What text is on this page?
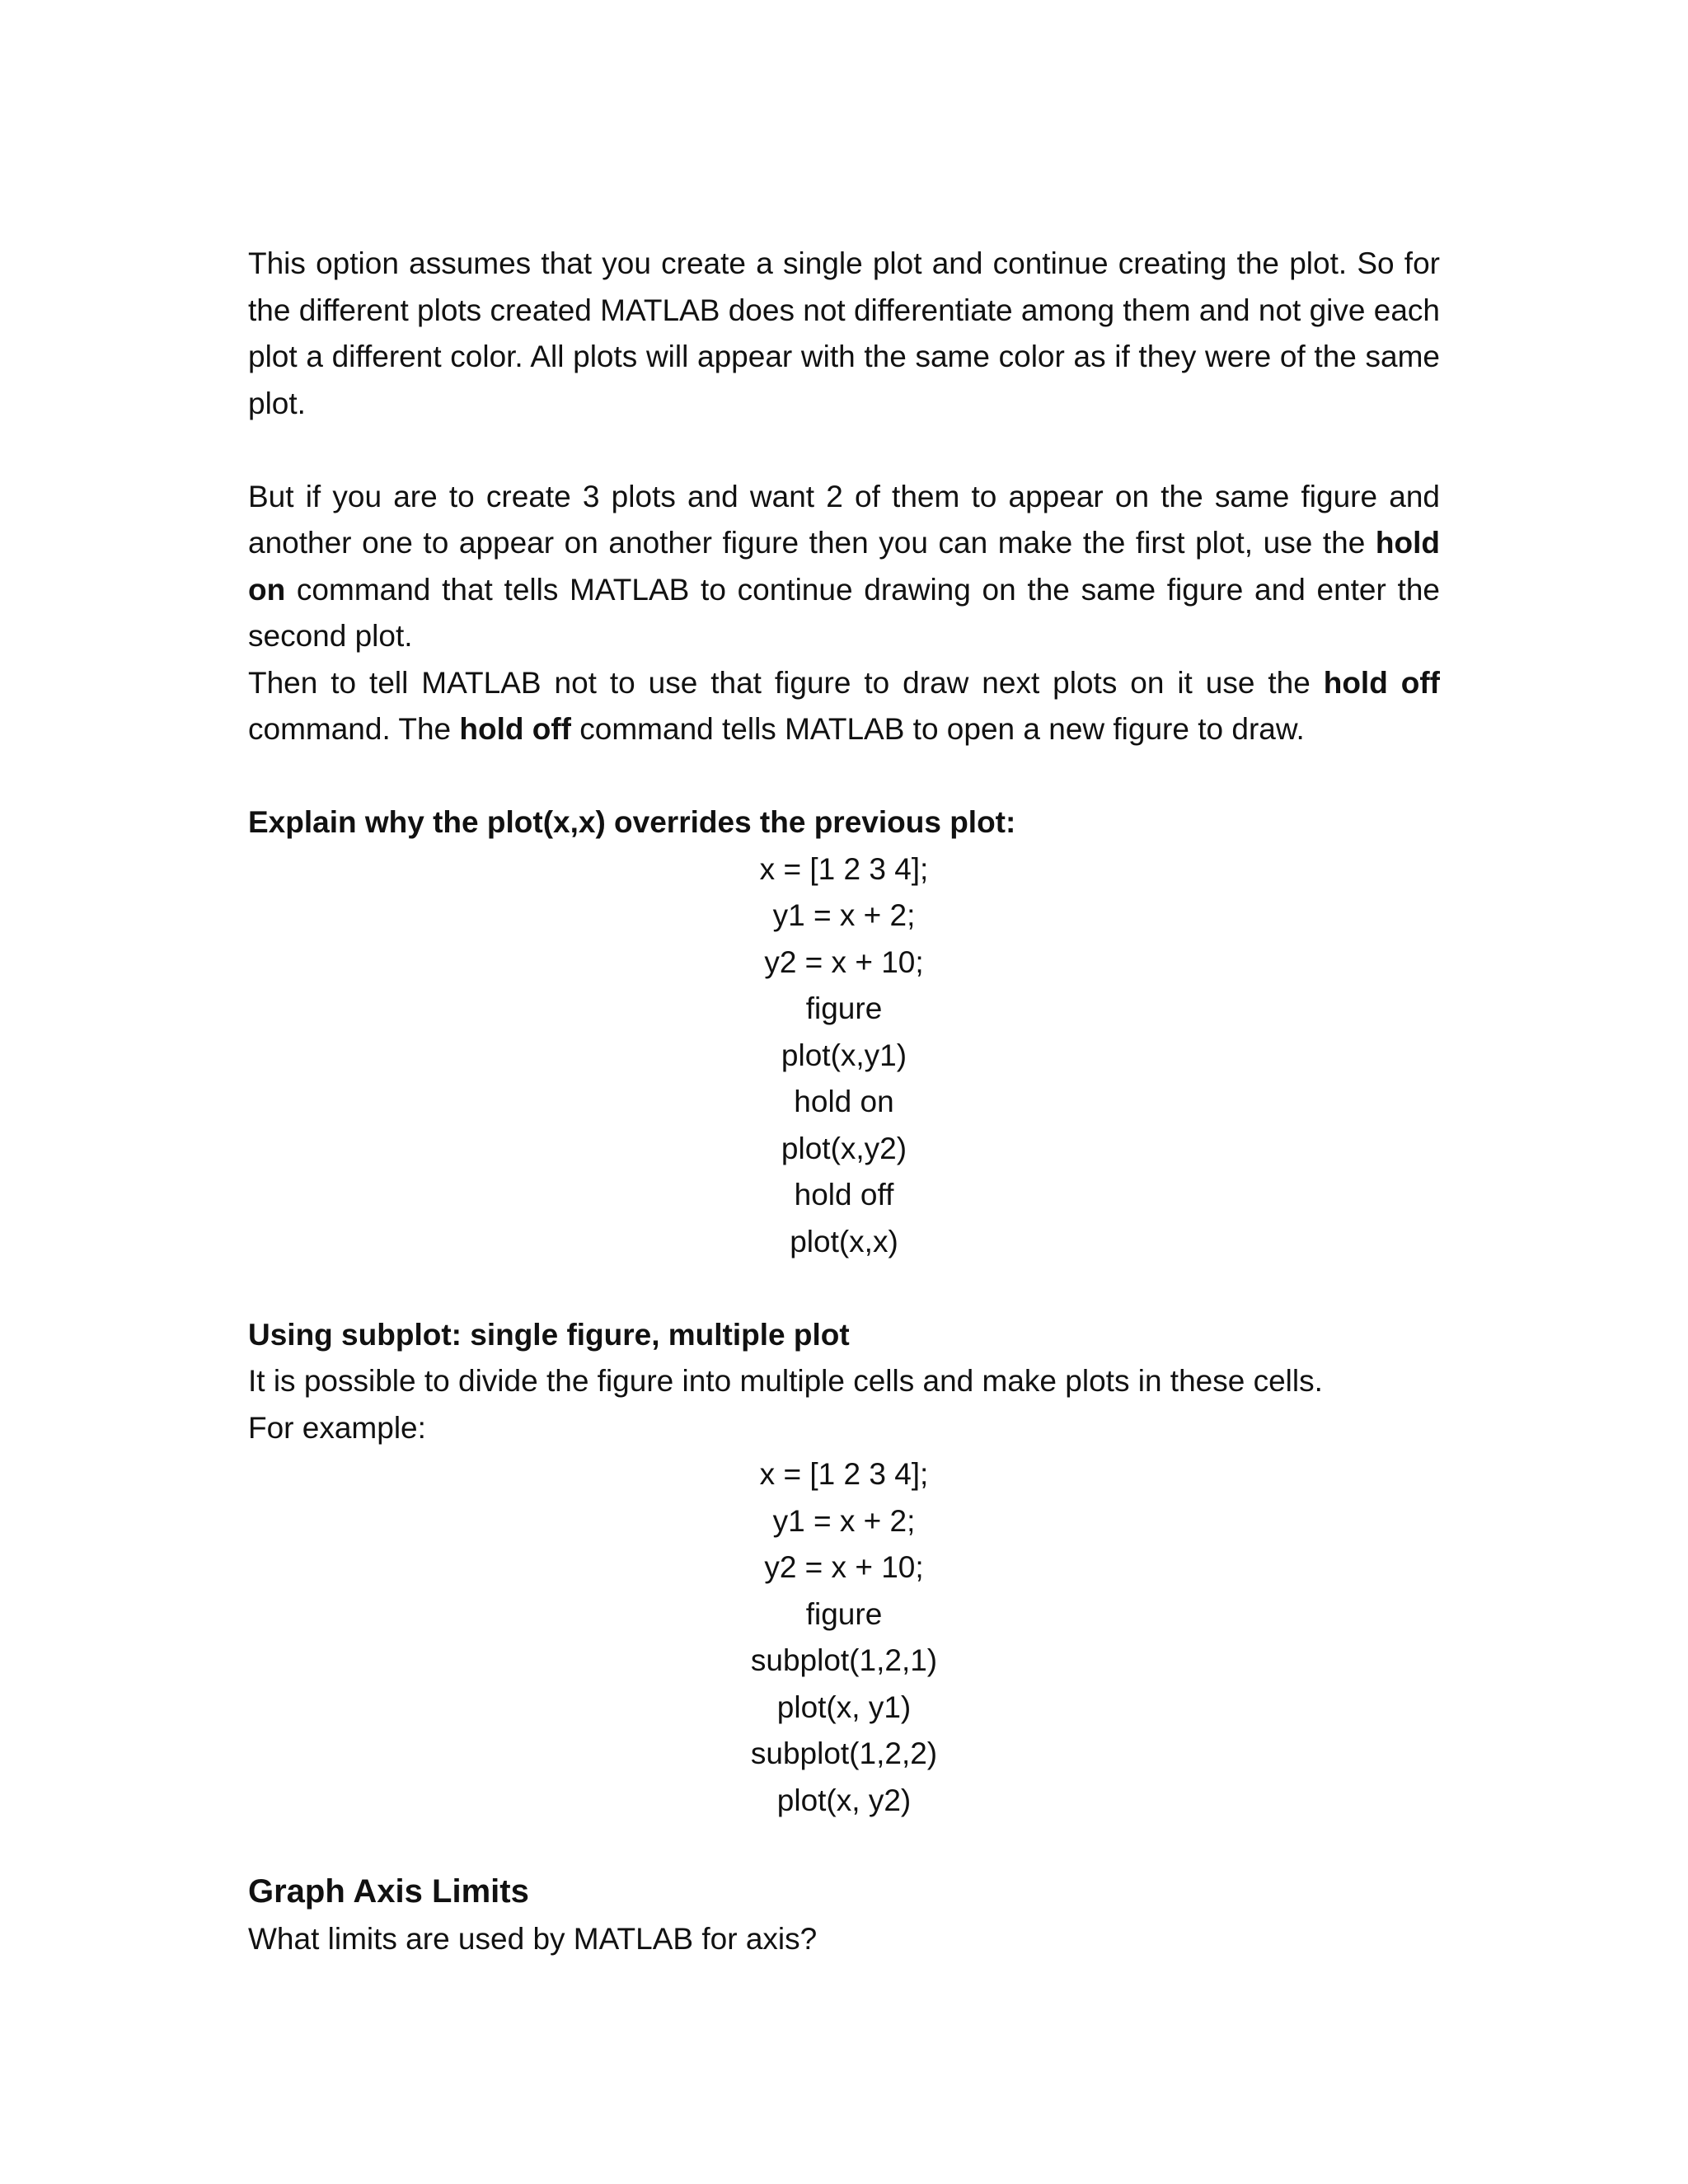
This option assumes that you create a single plot and continue creating the plot. So for the different plots created MATLAB does not differentiate among them and not give each plot a different color. All plots will appear with the same color as if they were of the same plot.

But if you are to create 3 plots and want 2 of them to appear on the same figure and another one to appear on another figure then you can make the first plot, use the hold on command that tells MATLAB to continue drawing on the same figure and enter the second plot.

Then to tell MATLAB not to use that figure to draw next plots on it use the hold off command. The hold off command tells MATLAB to open a new figure to draw.

Explain why the plot(x,x) overrides the previous plot:

x = [1 2 3 4];
y1 = x + 2;
y2 = x + 10;
figure
plot(x,y1)
hold on
plot(x,y2)
hold off
plot(x,x)

Using subplot: single figure, multiple plot

It is possible to divide the figure into multiple cells and make plots in these cells.

For example:

x = [1 2 3 4];
y1 = x + 2;
y2 = x + 10;
figure
subplot(1,2,1)
plot(x, y1)
subplot(1,2,2)
plot(x, y2)

Graph Axis Limits

What limits are used by MATLAB for axis?
